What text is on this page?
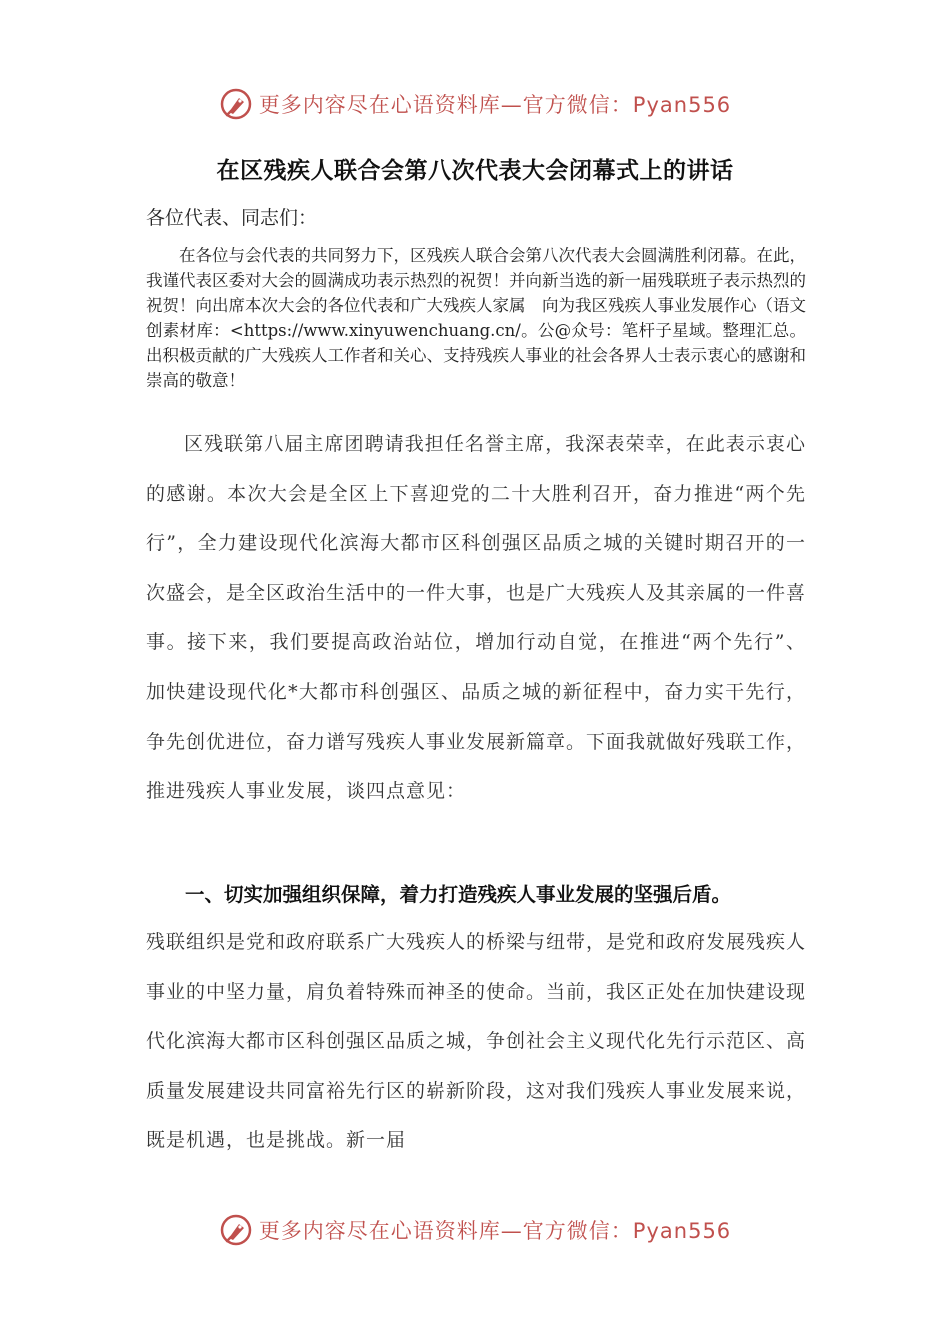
更多内容尽在心语资料库—官方微信：Pyan556
在区残疾人联合会第八次代表大会闭幕式上的讲话
各位代表、同志们：
在各位与会代表的共同努力下，区残疾人联合会第八次代表大会圆满胜利闭幕。在此，我谨代表区委对大会的圆满成功表示热烈的祝贺！并向新当选的新一届残联班子表示热烈的祝贺！向出席本次大会的各位代表和广大残疾人家属　向为我区残疾人事业发展作心（语文创素材库：<https://www.xinyuwenchuang.cn/。公@众号：笔杆子星域。整理汇总。出积极贡献的广大残疾人工作者和关心、支持残疾人事业的社会各界人士表示衷心的感谢和崇高的敬意！
区残联第八届主席团聘请我担任名誉主席，我深表荣幸，在此表示衷心的感谢。本次大会是全区上下喜迎党的二十大胜利召开，奋力推进“两个先行”，全力建设现代化滨海大都市区科创强区品质之城的关键时期召开的一次盛会，是全区政治生活中的一件大事，也是广大残疾人及其亲属的一件喜事。接下来，我们要提高政治站位，增加行动自觉，在推进“两个先行”、加快建设现代化*大都市科创强区、品质之城的新征程中，奋力实干先行，争先创优进位，奋力谱写残疾人事业发展新篇章。下面我就做好残联工作，推进残疾人事业发展，谈四点意见：
一、切实加强组织保障，着力打造残疾人事业发展的坚强后盾。
残联组织是党和政府联系广大残疾人的桥梁与纽带，是党和政府发展残疾人事业的中坚力量，肩负着特殊而神圣的使命。当前，我区正处在加快建设现代化滨海大都市区科创强区品质之城，争创社会主义现代化先行示范区、高质量发展建设共同富裕先行区的崭新阶段，这对我们残疾人事业发展来说，既是机遇，也是挑战。新一届
更多内容尽在心语资料库—官方微信：Pyan556
